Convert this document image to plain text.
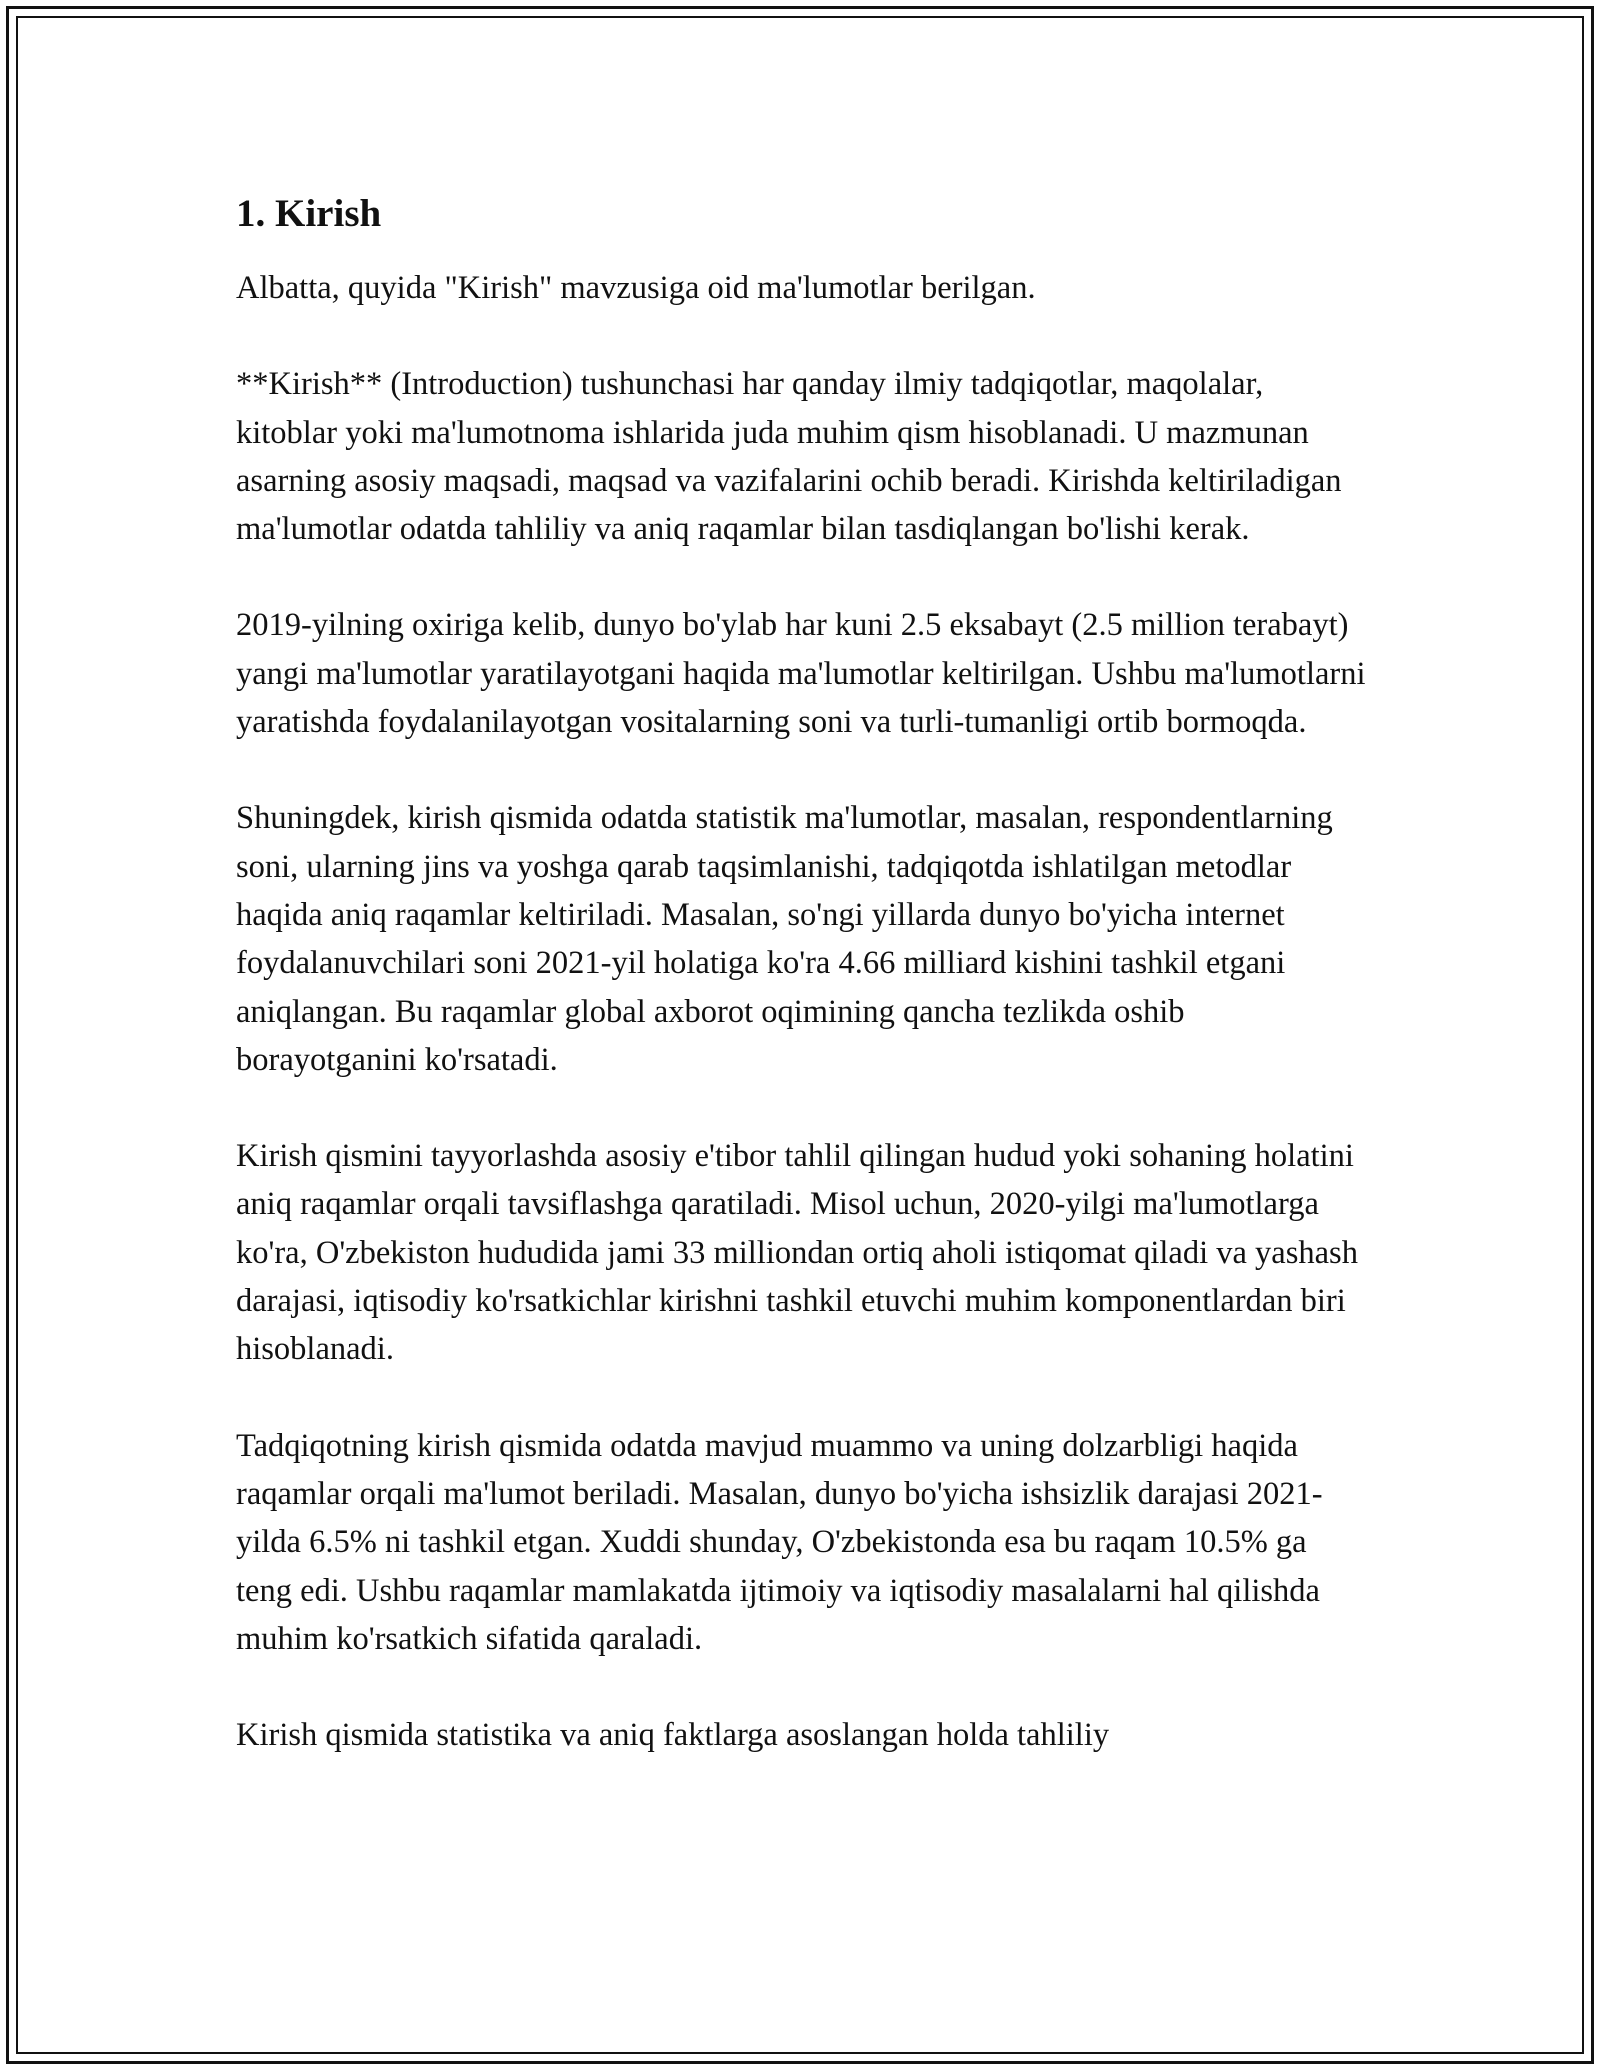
1. Kirish

Albatta, quyida "Kirish" mavzusiga oid ma'lumotlar berilgan.

**Kirish** (Introduction) tushunchasi har qanday ilmiy tadqiqotlar, maqolalar, kitoblar yoki ma'lumotnoma ishlarida juda muhim qism hisoblanadi. U mazmunan asarning asosiy maqsadi, maqsad va vazifalarini ochib beradi. Kirishda keltiriladigan ma'lumotlar odatda tahliliy va aniq raqamlar bilan tasdiqlangan bo'lishi kerak.

2019-yilning oxiriga kelib, dunyo bo'ylab har kuni 2.5 eksabayt (2.5 million terabayt) yangi ma'lumotlar yaratilayotgani haqida ma'lumotlar keltirilgan. Ushbu ma'lumotlarni yaratishda foydalanilayotgan vositalarning soni va turli-tumanligi ortib bormoqda.

Shuningdek, kirish qismida odatda statistik ma'lumotlar, masalan, respondentlarning soni, ularning jins va yoshga qarab taqsimlanishi, tadqiqotda ishlatilgan metodlar haqida aniq raqamlar keltiriladi. Masalan, so'ngi yillarda dunyo bo'yicha internet foydalanuvchilari soni 2021-yil holatiga ko'ra 4.66 milliard kishini tashkil etgani aniqlangan. Bu raqamlar global axborot oqimining qancha tezlikda oshib borayotganini ko'rsatadi.

Kirish qismini tayyorlashda asosiy e'tibor tahlil qilingan hudud yoki sohaning holatini aniq raqamlar orqali tavsiflashga qaratiladi. Misol uchun, 2020-yilgi ma'lumotlarga ko'ra, O'zbekiston hududida jami 33 milliondan ortiq aholi istiqomat qiladi va yashash darajasi, iqtisodiy ko'rsatkichlar kirishni tashkil etuvchi muhim komponentlardan biri hisoblanadi.

Tadqiqotning kirish qismida odatda mavjud muammo va uning dolzarbligi haqida raqamlar orqali ma'lumot beriladi. Masalan, dunyo bo'yicha ishsizlik darajasi 2021-yilda 6.5% ni tashkil etgan. Xuddi shunday, O'zbekistonda esa bu raqam 10.5% ga teng edi. Ushbu raqamlar mamlakatda ijtimoiy va iqtisodiy masalalarni hal qilishda muhim ko'rsatkich sifatida qaraladi.

Kirish qismida statistika va aniq faktlarga asoslangan holda tahliliy
